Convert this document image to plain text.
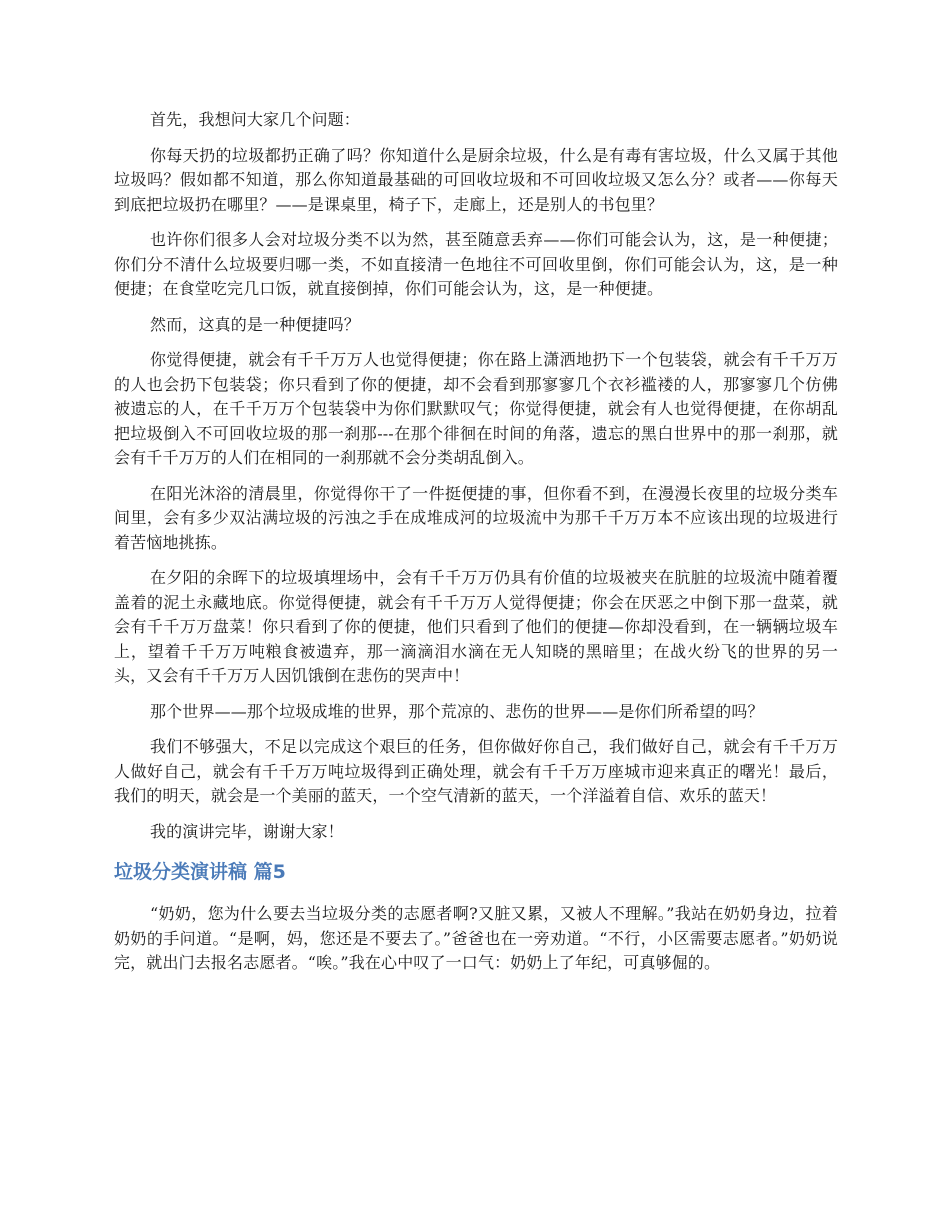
首先，我想问大家几个问题：

你每天扔的垃圾都扔正确了吗？你知道什么是厨余垃圾，什么是有毒有害垃圾，什么又属于其他垃圾吗？假如都不知道，那么你知道最基础的可回收垃圾和不可回收垃圾又怎么分？或者——你每天到底把垃圾扔在哪里？——是课桌里，椅子下，走廊上，还是别人的书包里？

也许你们很多人会对垃圾分类不以为然，甚至随意丢弃——你们可能会认为，这，是一种便捷；你们分不清什么垃圾要归哪一类，不如直接清一色地往不可回收里倒，你们可能会认为，这，是一种便捷；在食堂吃完几口饭，就直接倒掉，你们可能会认为，这，是一种便捷。

然而，这真的是一种便捷吗？

你觉得便捷，就会有千千万万人也觉得便捷；你在路上潇洒地扔下一个包装袋，就会有千千万万的人也会扔下包装袋；你只看到了你的便捷，却不会看到那寥寥几个衣衫褴褛的人，那寥寥几个仿佛被遗忘的人，在千千万万个包装袋中为你们默默叹气；你觉得便捷，就会有人也觉得便捷，在你胡乱把垃圾倒入不可回收垃圾的那一刹那---在那个徘徊在时间的角落，遗忘的黑白世界中的那一刹那，就会有千千万万的人们在相同的一刹那就不会分类胡乱倒入。

在阳光沐浴的清晨里，你觉得你干了一件挺便捷的事，但你看不到，在漫漫长夜里的垃圾分类车间里，会有多少双沾满垃圾的污浊之手在成堆成河的垃圾流中为那千千万万本不应该出现的垃圾进行着苦恼地挑拣。

在夕阳的余晖下的垃圾填埋场中，会有千千万万仍具有价值的垃圾被夹在肮脏的垃圾流中随着覆盖着的泥土永藏地底。你觉得便捷，就会有千千万万人觉得便捷；你会在厌恶之中倒下那一盘菜，就会有千千万万盘菜！你只看到了你的便捷，他们只看到了他们的便捷—你却没看到，在一辆辆垃圾车上，望着千千万万吨粮食被遗弃，那一滴滴泪水滴在无人知晓的黑暗里；在战火纷飞的世界的另一头，又会有千千万万人因饥饿倒在悲伤的哭声中！

那个世界——那个垃圾成堆的世界，那个荒凉的、悲伤的世界——是你们所希望的吗？

我们不够强大，不足以完成这个艰巨的任务，但你做好你自己，我们做好自己，就会有千千万万人做好自己，就会有千千万万吨垃圾得到正确处理，就会有千千万万座城市迎来真正的曙光！最后，我们的明天，就会是一个美丽的蓝天，一个空气清新的蓝天，一个洋溢着自信、欢乐的蓝天！

我的演讲完毕，谢谢大家！

垃圾分类演讲稿 篇5

“奶奶，您为什么要去当垃圾分类的志愿者啊?又脏又累，又被人不理解。”我站在奶奶身边，拉着奶奶的手问道。“是啊，妈，您还是不要去了。”爸爸也在一旁劝道。“不行，小区需要志愿者。”奶奶说完，就出门去报名志愿者。“唉。”我在心中叹了一口气：奶奶上了年纪，可真够倔的。
